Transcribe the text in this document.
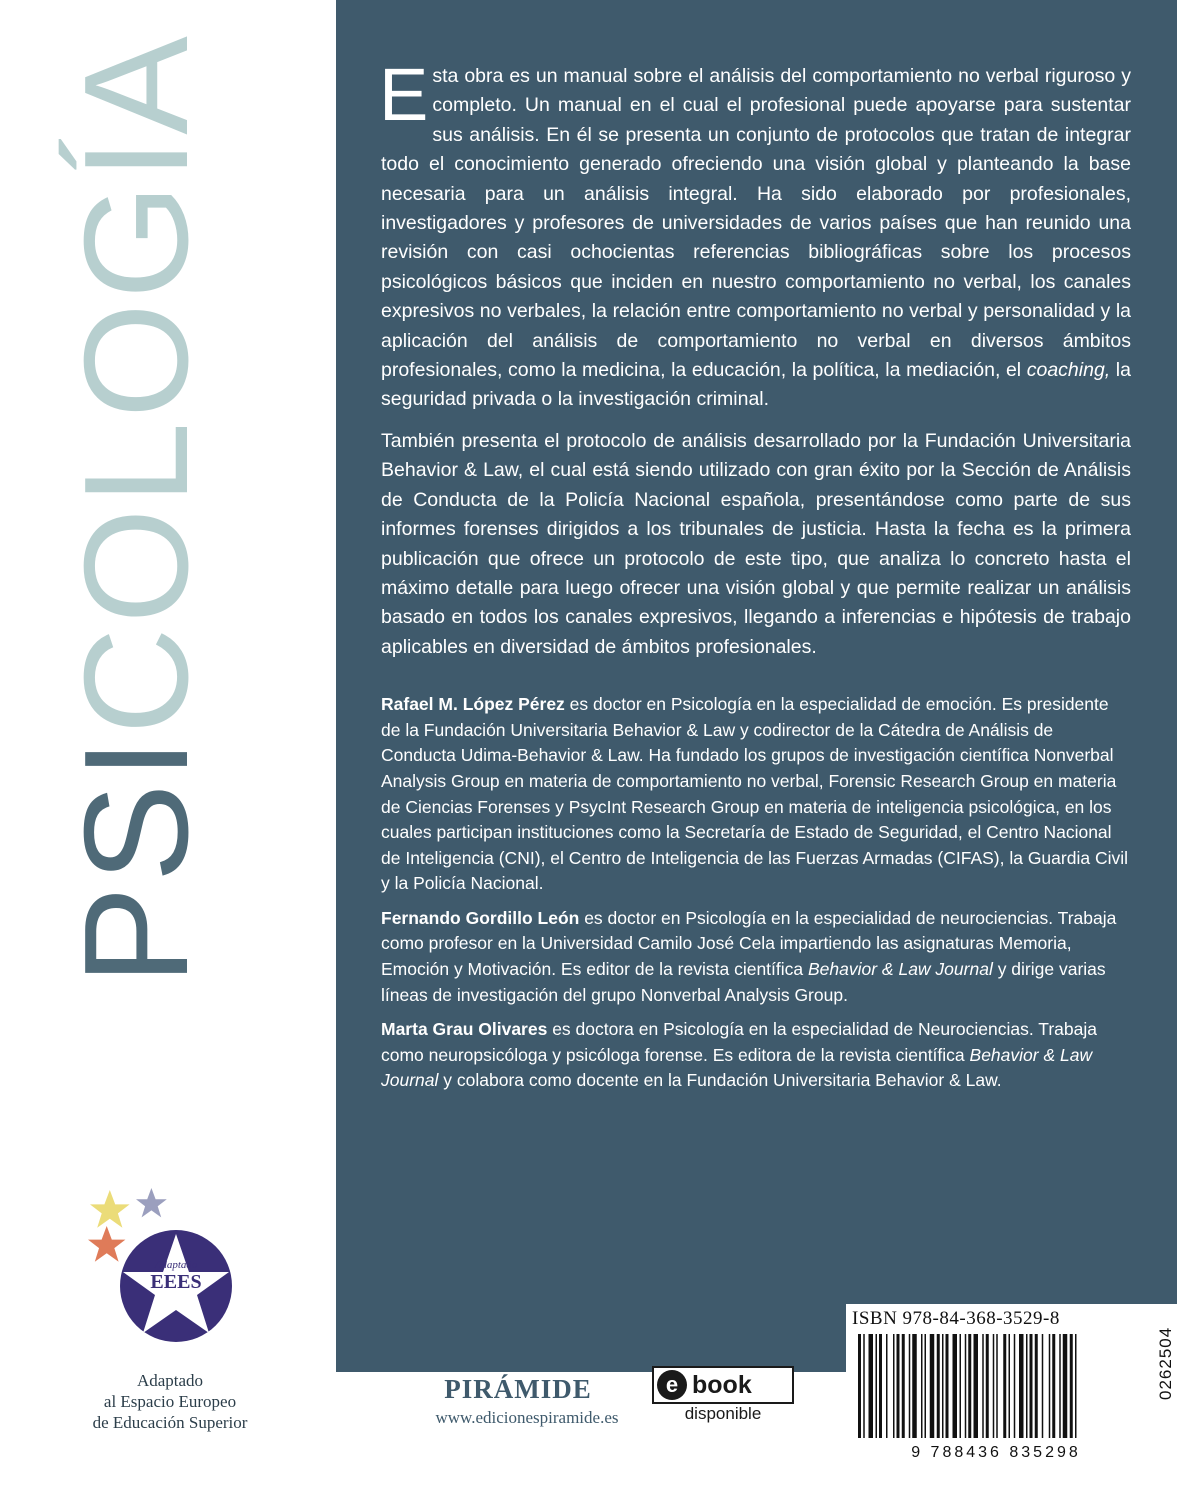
PSICOLOGÍA
Adaptado
EEES
Adaptado
al Espacio Europeo
de Educación Superior

Esta obra es un manual sobre el análisis del comportamiento no verbal riguroso y completo. Un manual en el cual el profesional puede apoyarse para sustentar sus análisis. En él se presenta un conjunto de protocolos que tratan de integrar todo el conocimiento generado ofreciendo una visión global y planteando la base necesaria para un análisis integral. Ha sido elaborado por profesionales, investigadores y profesores de universidades de varios países que han reunido una revisión con casi ochocientas referencias bibliográficas sobre los procesos psicológicos básicos que inciden en nuestro comportamiento no verbal, los canales expresivos no verbales, la relación entre comportamiento no verbal y personalidad y la aplicación del análisis de comportamiento no verbal en diversos ámbitos profesionales, como la medicina, la educación, la política, la mediación, el coaching, la seguridad privada o la investigación criminal.

También presenta el protocolo de análisis desarrollado por la Fundación Universitaria Behavior & Law, el cual está siendo utilizado con gran éxito por la Sección de Análisis de Conducta de la Policía Nacional española, presentándose como parte de sus informes forenses dirigidos a los tribunales de justicia. Hasta la fecha es la primera publicación que ofrece un protocolo de este tipo, que analiza lo concreto hasta el máximo detalle para luego ofrecer una visión global y que permite realizar un análisis basado en todos los canales expresivos, llegando a inferencias e hipótesis de trabajo aplicables en diversidad de ámbitos profesionales.

Rafael M. López Pérez es doctor en Psicología en la especialidad de emoción. Es presidente de la Fundación Universitaria Behavior & Law y codirector de la Cátedra de Análisis de Conducta Udima-Behavior & Law. Ha fundado los grupos de investigación científica Nonverbal Analysis Group en materia de comportamiento no verbal, Forensic Research Group en materia de Ciencias Forenses y PsycInt Research Group en materia de inteligencia psicológica, en los cuales participan instituciones como la Secretaría de Estado de Seguridad, el Centro Nacional de Inteligencia (CNI), el Centro de Inteligencia de las Fuerzas Armadas (CIFAS), la Guardia Civil y la Policía Nacional.

Fernando Gordillo León es doctor en Psicología en la especialidad de neurociencias. Trabaja como profesor en la Universidad Camilo José Cela impartiendo las asignaturas Memoria, Emoción y Motivación. Es editor de la revista científica Behavior & Law Journal y dirige varias líneas de investigación del grupo Nonverbal Analysis Group.

Marta Grau Olivares es doctora en Psicología en la especialidad de Neurociencias. Trabaja como neuropsicóloga y psicóloga forense. Es editora de la revista científica Behavior & Law Journal y colabora como docente en la Fundación Universitaria Behavior & Law.

PIRÁMIDE
www.edicionespiramide.es
e book
disponible
ISBN 978-84-368-3529-8
9 788436 835298
0262504
